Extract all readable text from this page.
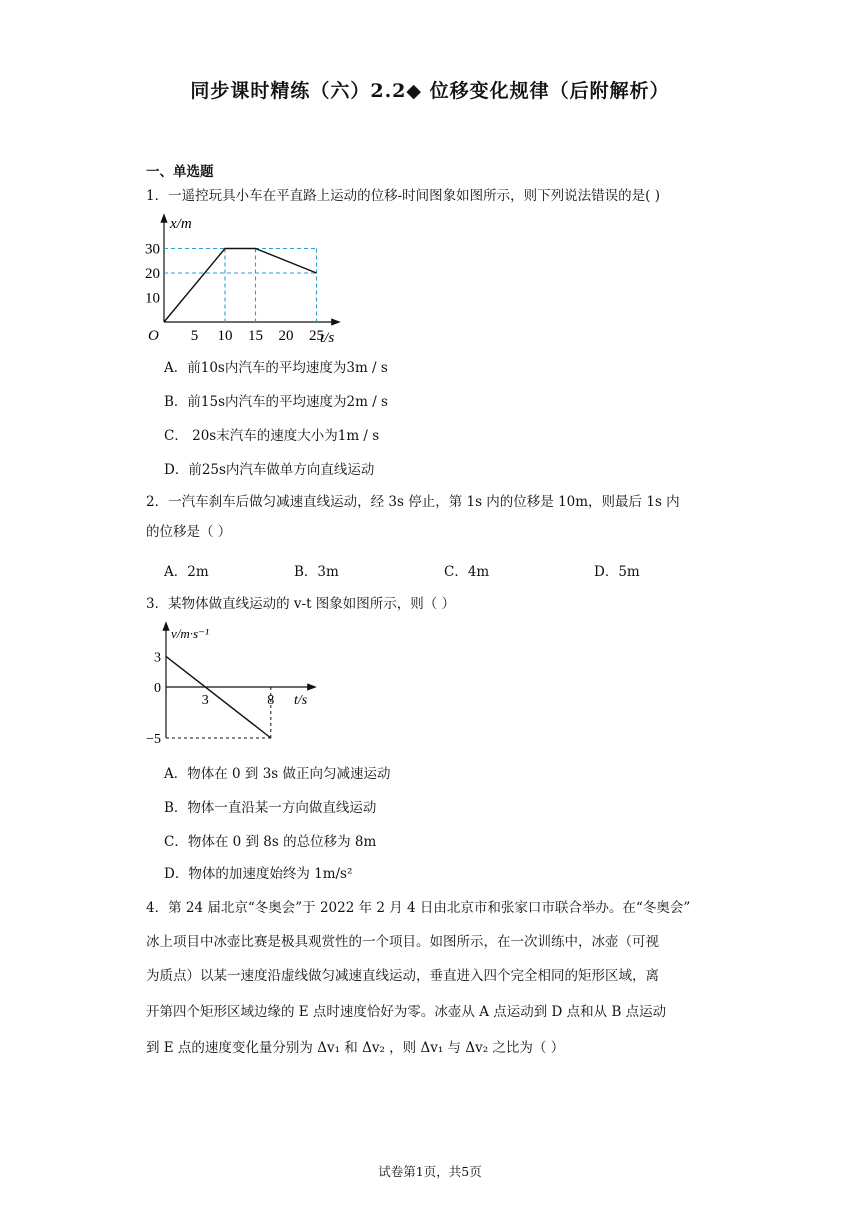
同步课时精练（六）2.2◆ 位移变化规律（后附解析）
一、单选题
1．一遥控玩具小车在平直路上运动的位移-时间图象如图所示，则下列说法错误的是( )
5 10 15 20 25
10
20
30
O
x/m
t/s
A．前10s内汽车的平均速度为3m / s
B．前15s内汽车的平均速度为2m / s
C． 20s末汽车的速度大小为1m / s
D．前25s内汽车做单方向直线运动
2．一汽车刹车后做匀减速直线运动，经 3s 停止，第 1s 内的位移是 10m，则最后 1s 内
的位移是（ ）
A．2m	B．3m	C．4m	D．5m
3．某物体做直线运动的 v-t 图象如图所示，则（ ）
3	8
3
0
−5
v/m·s⁻¹
t/s
A．物体在 0 到 3s 做正向匀减速运动
B．物体一直沿某一方向做直线运动
C．物体在 0 到 8s 的总位移为 8m
D．物体的加速度始终为 1m/s²
4．第 24 届北京“冬奥会”于 2022 年 2 月 4 日由北京市和张家口市联合举办。在“冬奥会”
冰上项目中冰壶比赛是极具观赏性的一个项目。如图所示，在一次训练中，冰壶（可视
为质点）以某一速度沿虚线做匀减速直线运动，垂直进入四个完全相同的矩形区域，离
开第四个矩形区域边缘的 E 点时速度恰好为零。冰壶从 A 点运动到 D 点和从 B 点运动
到 E 点的速度变化量分别为 Δv₁ 和 Δv₂ ，则 Δv₁ 与 Δv₂ 之比为（ ）
试卷第1页，共5页
